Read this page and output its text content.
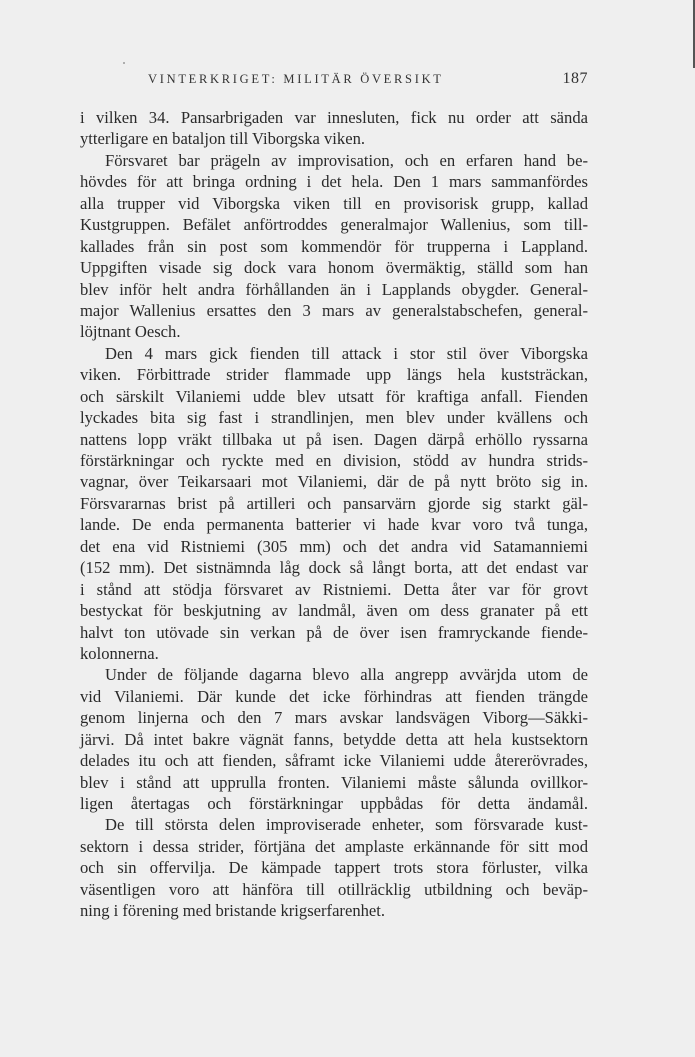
VINTERKRIGET: MILITÄR ÖVERSIKT	187
i vilken 34. Pansarbrigaden var innesluten, fick nu order att sända
ytterligare en bataljon till Viborgska viken.
Försvaret bar prägeln av improvisation, och en erfaren hand be-
hövdes för att bringa ordning i det hela. Den 1 mars sammanfördes
alla trupper vid Viborgska viken till en provisorisk grupp, kallad
Kustgruppen. Befälet anförtroddes generalmajor Wallenius, som till-
kallades från sin post som kommendör för trupperna i Lappland.
Uppgiften visade sig dock vara honom övermäktig, ställd som han
blev inför helt andra förhållanden än i Lapplands obygder. General-
major Wallenius ersattes den 3 mars av generalstabschefen, general-
löjtnant Oesch.
Den 4 mars gick fienden till attack i stor stil över Viborgska
viken. Förbittrade strider flammade upp längs hela kuststräckan,
och särskilt Vilaniemi udde blev utsatt för kraftiga anfall. Fienden
lyckades bita sig fast i strandlinjen, men blev under kvällens och
nattens lopp vräkt tillbaka ut på isen. Dagen därpå erhöllo ryssarna
förstärkningar och ryckte med en division, stödd av hundra strids-
vagnar, över Teikarsaari mot Vilaniemi, där de på nytt bröto sig in.
Försvararnas brist på artilleri och pansarvärn gjorde sig starkt gäl-
lande. De enda permanenta batterier vi hade kvar voro två tunga,
det ena vid Ristniemi (305 mm) och det andra vid Satamanniemi
(152 mm). Det sistnämnda låg dock så långt borta, att det endast var
i stånd att stödja försvaret av Ristniemi. Detta åter var för grovt
bestyckat för beskjutning av landmål, även om dess granater på ett
halvt ton utövade sin verkan på de över isen framryckande fiende-
kolonnerna.
Under de följande dagarna blevo alla angrepp avvärjda utom de
vid Vilaniemi. Där kunde det icke förhindras att fienden trängde
genom linjerna och den 7 mars avskar landsvägen Viborg—Säkki-
järvi. Då intet bakre vägnät fanns, betydde detta att hela kustsektorn
delades itu och att fienden, såframt icke Vilaniemi udde återerövrades,
blev i stånd att upprulla fronten. Vilaniemi måste sålunda ovillkor-
ligen återtagas och förstärkningar uppbådas för detta ändamål.
De till största delen improviserade enheter, som försvarade kust-
sektorn i dessa strider, förtjäna det amplaste erkännande för sitt mod
och sin offervilja. De kämpade tappert trots stora förluster, vilka
väsentligen voro att hänföra till otillräcklig utbildning och beväp-
ning i förening med bristande krigserfarenhet.
